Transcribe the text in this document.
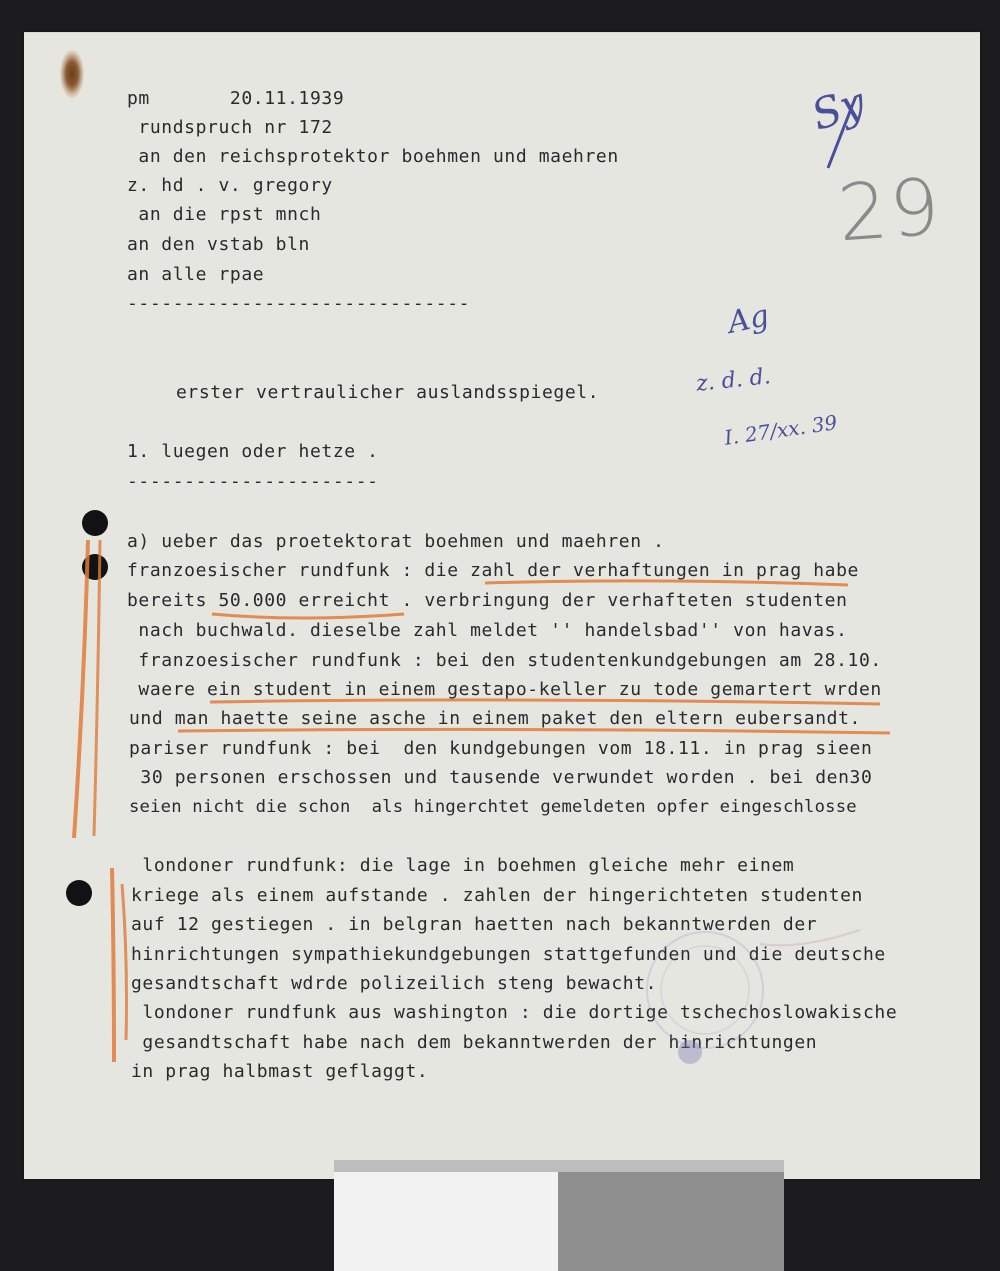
pm       20.11.1939

rundspruch nr 172

an den reichsprotektor boehmen und maehren

z. hd . v. gregory

an die rpst mnch

an den vstab bln

an alle rpae

------------------------------

erster vertraulicher auslandsspiegel.

1. luegen oder hetze .

----------------------

a) ueber das proetektorat boehmen und maehren .

franzoesischer rundfunk : die zahl der verhaftungen in prag habe

bereits 50.000 erreicht . verbringung der verhafteten studenten

nach buchwald. dieselbe zahl meldet '' handelsbad'' von havas.

franzoesischer rundfunk : bei den studentenkundgebungen am 28.10.

waere ein student in einem gestapo-keller zu tode gemartert wrden

und man haette seine asche in einem paket den eltern eubersandt.

pariser rundfunk : bei  den kundgebungen vom 18.11. in prag sieen

30 personen erschossen und tausende verwundet worden . bei den30

seien nicht die schon  als hingerchtet gemeldeten opfer eingeschlosse

londoner rundfunk: die lage in boehmen gleiche mehr einem

kriege als einem aufstande . zahlen der hingerichteten studenten

auf 12 gestiegen . in belgran haetten nach bekanntwerden der

hinrichtungen sympathiekundgebungen stattgefunden und die deutsche

gesandtschaft wdrde polizeilich steng bewacht.

londoner rundfunk aus washington : die dortige tschechoslowakische

gesandtschaft habe nach dem bekanntwerden der hinrichtungen

in prag halbmast geflaggt.

29
Sy
Ag
z. d. d.
I. 27/xx. 39
